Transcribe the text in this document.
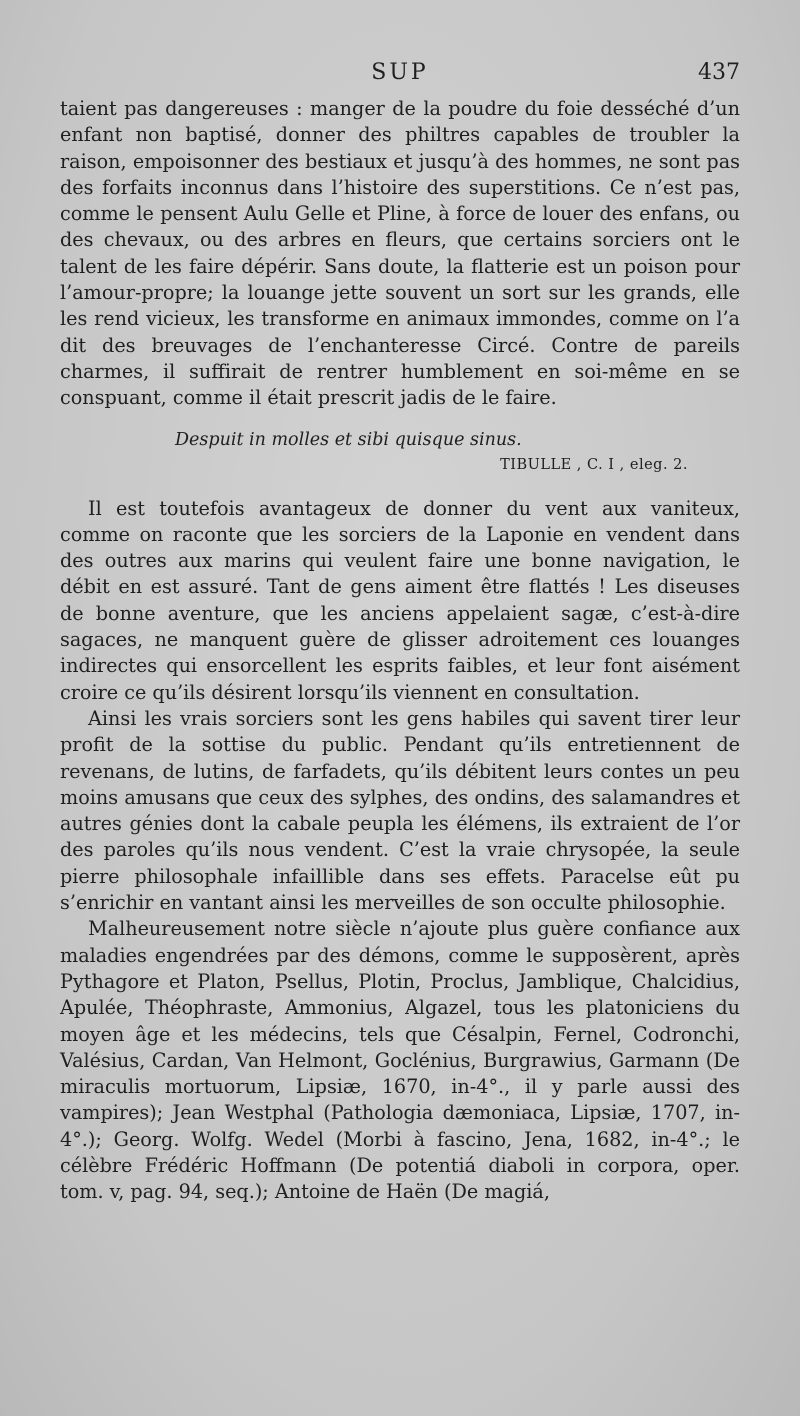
SUP	437

taient pas dangereuses : manger de la poudre du foie desséché d’un enfant non baptisé, donner des philtres capables de troubler la raison, empoisonner des bestiaux et jusqu’à des hommes, ne sont pas des forfaits inconnus dans l’histoire des superstitions. Ce n’est pas, comme le pensent Aulu Gelle et Pline, à force de louer des enfans, ou des chevaux, ou des arbres en fleurs, que certains sorciers ont le talent de les faire dépérir. Sans doute, la flatterie est un poison pour l’amour-propre; la louange jette souvent un sort sur les grands, elle les rend vicieux, les transforme en animaux immondes, comme on l’a dit des breuvages de l’enchanteresse Circé. Contre de pareils charmes, il suffirait de rentrer humblement en soi-même en se conspuant, comme il était prescrit jadis de le faire.

Despuit in molles et sibi quisque sinus.
TIBULLE , C. I , eleg. 2.

Il est toutefois avantageux de donner du vent aux vaniteux, comme on raconte que les sorciers de la Laponie en vendent dans des outres aux marins qui veulent faire une bonne navigation, le débit en est assuré. Tant de gens aiment être flattés ! Les diseuses de bonne aventure, que les anciens appelaient sagæ, c’est-à-dire sagaces, ne manquent guère de glisser adroitement ces louanges indirectes qui ensorcellent les esprits faibles, et leur font aisément croire ce qu’ils désirent lorsqu’ils viennent en consultation.

Ainsi les vrais sorciers sont les gens habiles qui savent tirer leur profit de la sottise du public. Pendant qu’ils entretiennent de revenans, de lutins, de farfadets, qu’ils débitent leurs contes un peu moins amusans que ceux des sylphes, des ondins, des salamandres et autres génies dont la cabale peupla les élémens, ils extraient de l’or des paroles qu’ils nous vendent. C’est la vraie chrysopée, la seule pierre philosophale infaillible dans ses effets. Paracelse eût pu s’enrichir en vantant ainsi les merveilles de son occulte philosophie.

Malheureusement notre siècle n’ajoute plus guère confiance aux maladies engendrées par des démons, comme le supposèrent, après Pythagore et Platon, Psellus, Plotin, Proclus, Jamblique, Chalcidius, Apulée, Théophraste, Ammonius, Algazel, tous les platoniciens du moyen âge et les médecins, tels que Césalpin, Fernel, Codronchi, Valésius, Cardan, Van Helmont, Goclénius, Burgrawius, Garmann (De miraculis mortuorum, Lipsiæ, 1670, in-4°., il y parle aussi des vampires); Jean Westphal (Pathologia dæmoniaca, Lipsiæ, 1707, in-4°.); Georg. Wolfg. Wedel (Morbi à fascino, Jena, 1682, in-4°.; le célèbre Frédéric Hoffmann (De potentiá diaboli in corpora, oper. tom. v, pag. 94, seq.); Antoine de Haën (De magiá,
